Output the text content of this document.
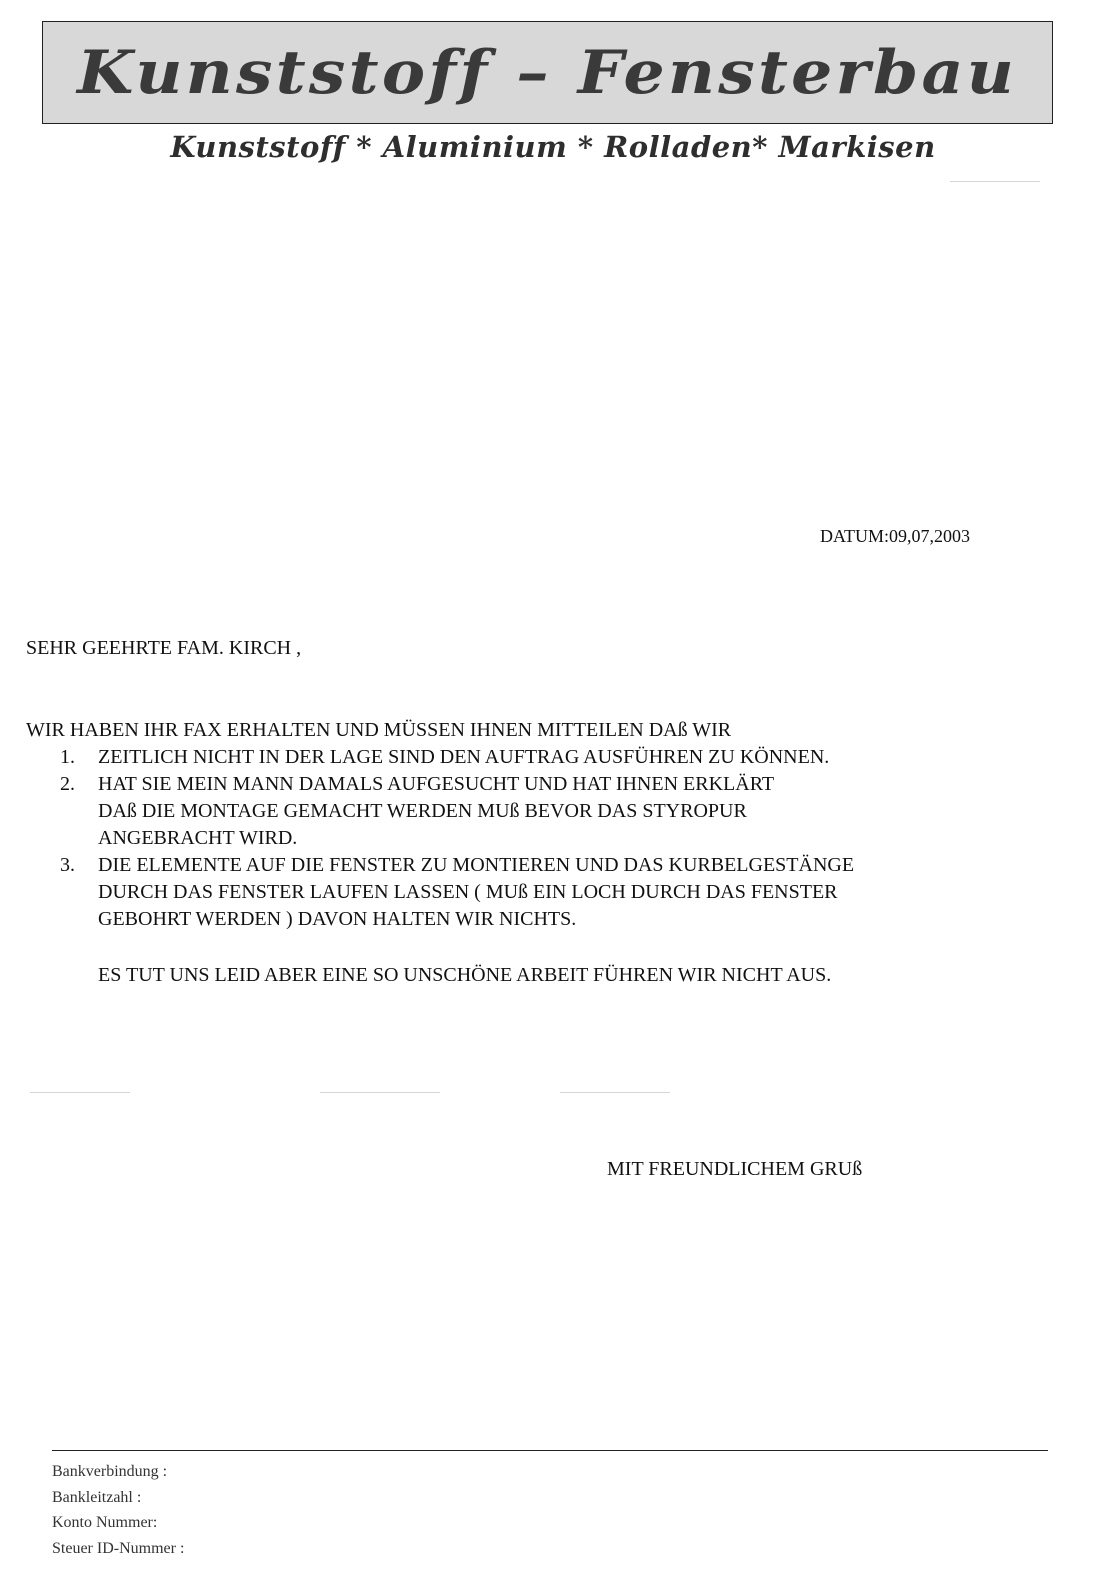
Kunststoff – Fensterbau
Kunststoff * Aluminium * Rolladen* Markisen
DATUM:09,07,2003
SEHR GEEHRTE FAM. KIRCH ,
WIR HABEN IHR FAX ERHALTEN UND MÜSSEN IHNEN MITTEILEN DAß WIR
1. ZEITLICH NICHT IN DER LAGE SIND DEN AUFTRAG AUSFÜHREN ZU KÖNNEN.
2. HAT SIE MEIN MANN DAMALS AUFGESUCHT UND HAT IHNEN ERKLÄRT
DAß DIE MONTAGE GEMACHT WERDEN MUß BEVOR DAS STYROPUR
ANGEBRACHT WIRD.
3. DIE ELEMENTE AUF DIE FENSTER ZU MONTIEREN UND DAS KURBELGESTÄNGE
DURCH DAS FENSTER LAUFEN LASSEN ( MUß EIN LOCH DURCH DAS FENSTER
GEBOHRT WERDEN ) DAVON HALTEN WIR NICHTS.
ES TUT UNS LEID ABER EINE SO UNSCHÖNE ARBEIT FÜHREN WIR NICHT AUS.
MIT FREUNDLICHEM GRUß
Bankverbindung :
Bankleitzahl :
Konto Nummer:
Steuer ID-Nummer :
